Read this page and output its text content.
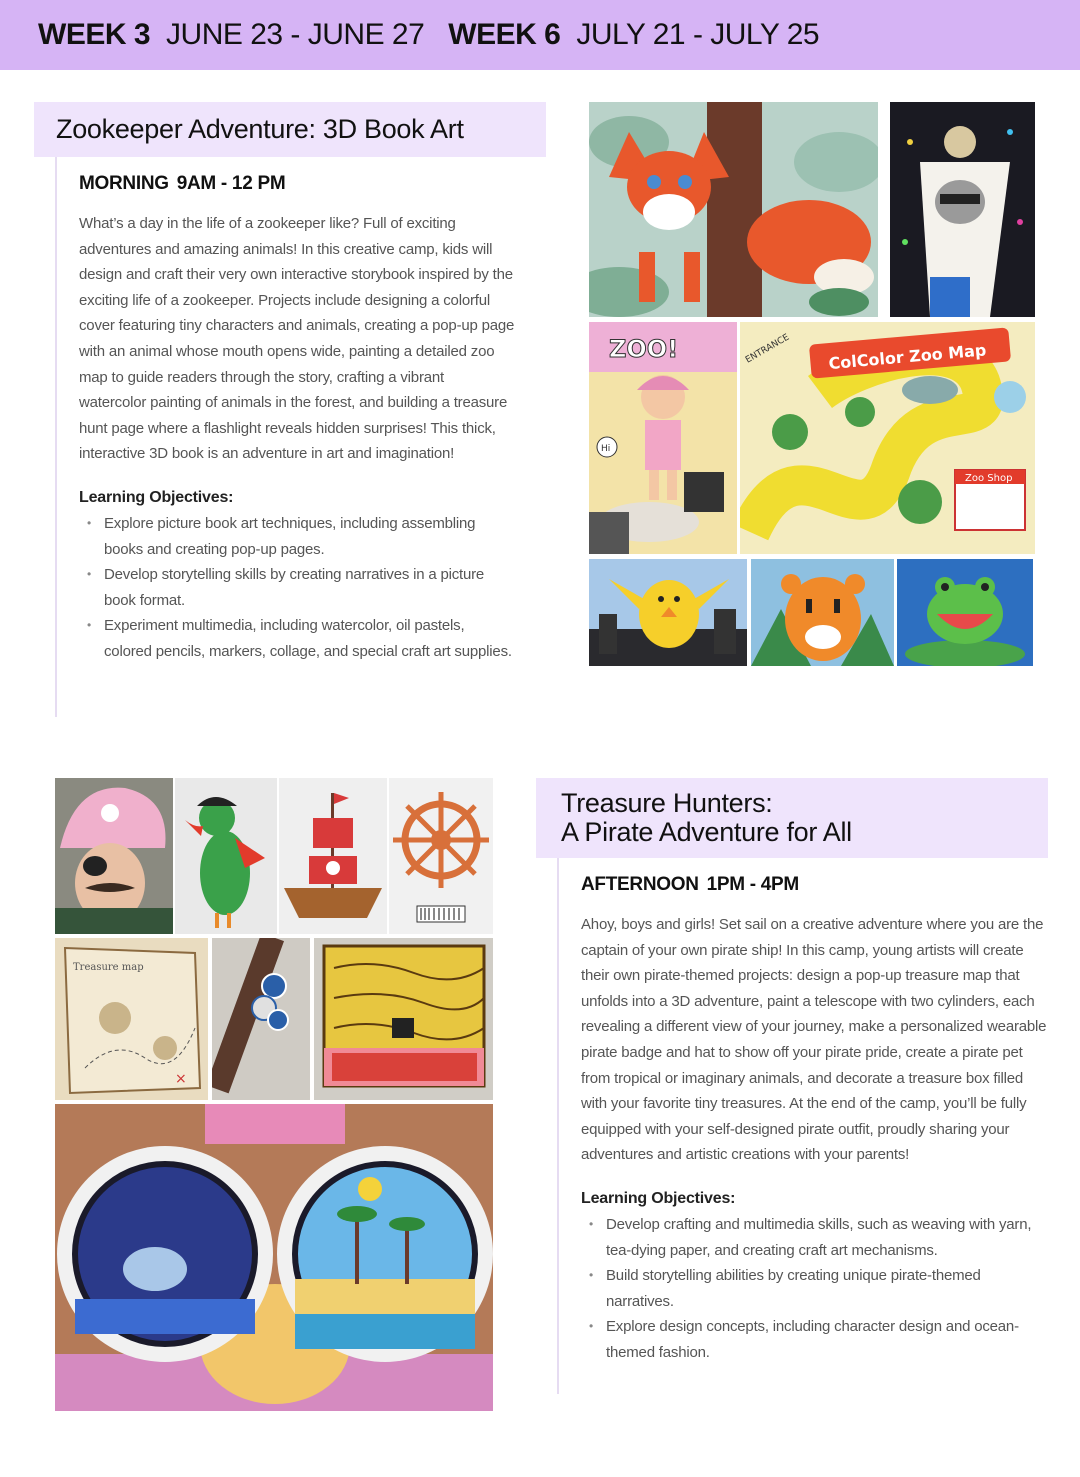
WEEK 3 JUNE 23 - JUNE 27 WEEK 6 JULY 21 - JULY 25
Zookeeper Adventure: 3D Book Art
MORNING 9AM - 12 PM

What’s a day in the life of a zookeeper like? Full of exciting adventures and amazing animals! In this creative camp, kids will design and craft their very own interactive storybook inspired by the exciting life of a zookeeper. Projects include designing a colorful cover featuring tiny characters and animals, creating a pop-up page with an animal whose mouth opens wide, painting a detailed zoo map to guide readers through the story, crafting a vibrant watercolor painting of animals in the forest, and building a treasure hunt page where a flashlight reveals hidden surprises! This thick, interactive 3D book is an adventure in art and imagination!

Learning Objectives:
• Explore picture book art techniques, including assembling books and creating pop-up pages.
• Develop storytelling skills by creating narratives in a picture book format.
• Experiment multimedia, including watercolor, oil pastels, colored pencils, markers, collage, and special craft art supplies.
ZOO!
Hi
ColColor Zoo Map
ENTRANCE
Zoo Shop
Treasure map
×
Treasure Hunters:
A Pirate Adventure for All
AFTERNOON 1PM - 4PM

Ahoy, boys and girls! Set sail on a creative adventure where you are the captain of your own pirate ship! In this camp, young artists will create their own pirate-themed projects: design a pop-up treasure map that unfolds into a 3D adventure, paint a telescope with two cylinders, each revealing a different view of your journey, make a personalized wearable pirate badge and hat to show off your pirate pride, create a pirate pet from tropical or imaginary animals, and decorate a treasure box filled with your favorite tiny treasures. At the end of the camp, you’ll be fully equipped with your self-designed pirate outfit, proudly sharing your adventures and artistic creations with your parents!

Learning Objectives:
• Develop crafting and multimedia skills, such as weaving with yarn, tea-dying paper, and creating craft art mechanisms.
• Build storytelling abilities by creating unique pirate-themed narratives.
• Explore design concepts, including character design and ocean-themed fashion.
